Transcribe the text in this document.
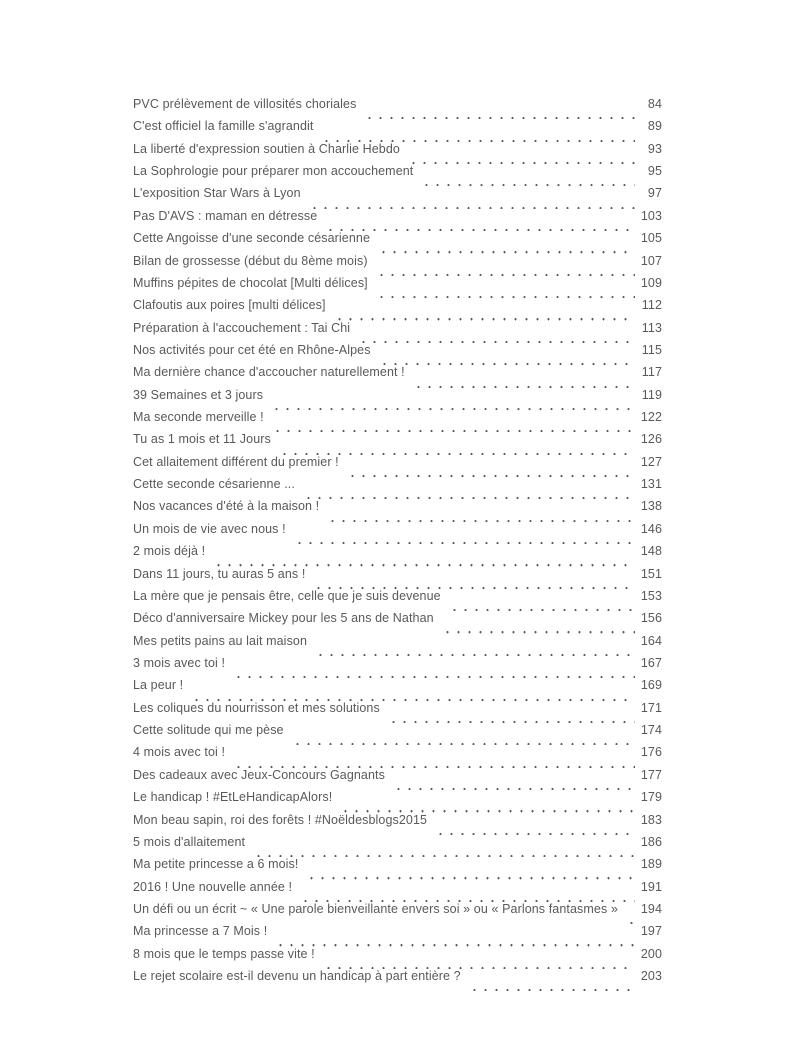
PVC prélèvement de villosités choriales	84
C'est officiel la famille s'agrandit	89
La liberté d'expression soutien à Charlie Hebdo	93
La Sophrologie pour préparer mon accouchement	95
L'exposition Star Wars à Lyon	97
Pas D'AVS : maman en détresse	103
Cette Angoisse d'une seconde césarienne	105
Bilan de grossesse (début du 8ème mois)	107
Muffins pépites de chocolat [Multi délices]	109
Clafoutis aux poires [multi délices]	112
Préparation à l'accouchement : Tai Chi	113
Nos activités pour cet été en Rhône-Alpes	115
Ma dernière chance d'accoucher naturellement !	117
39 Semaines et 3 jours	119
Ma seconde merveille !	122
Tu as 1 mois et 11 Jours	126
Cet allaitement différent du premier !	127
Cette seconde césarienne ...	131
Nos vacances d'été à la maison !	138
Un mois de vie avec nous !	146
2 mois déjà !	148
Dans 11 jours, tu auras 5 ans !	151
La mère que je pensais être, celle que je suis devenue	153
Déco d'anniversaire Mickey pour les 5 ans de Nathan	156
Mes petits pains au lait maison	164
3 mois avec toi !	167
La peur !	169
Les coliques du nourrisson et mes solutions	171
Cette solitude qui me pèse	174
4 mois avec toi !	176
Des cadeaux avec Jeux-Concours Gagnants	177
Le handicap ! #EtLeHandicapAlors!	179
Mon beau sapin, roi des forêts ! #Noëldesblogs2015	183
5 mois d'allaitement	186
Ma petite princesse a 6 mois!	189
2016 ! Une nouvelle année !	191
Un défi ou un écrit ~ « Une parole bienveillante envers soi » ou « Parlons fantasmes » 194
Ma princesse a 7 Mois !	197
8 mois que le temps passe vite !	200
Le rejet scolaire est-il devenu un handicap à part entière ?	203
